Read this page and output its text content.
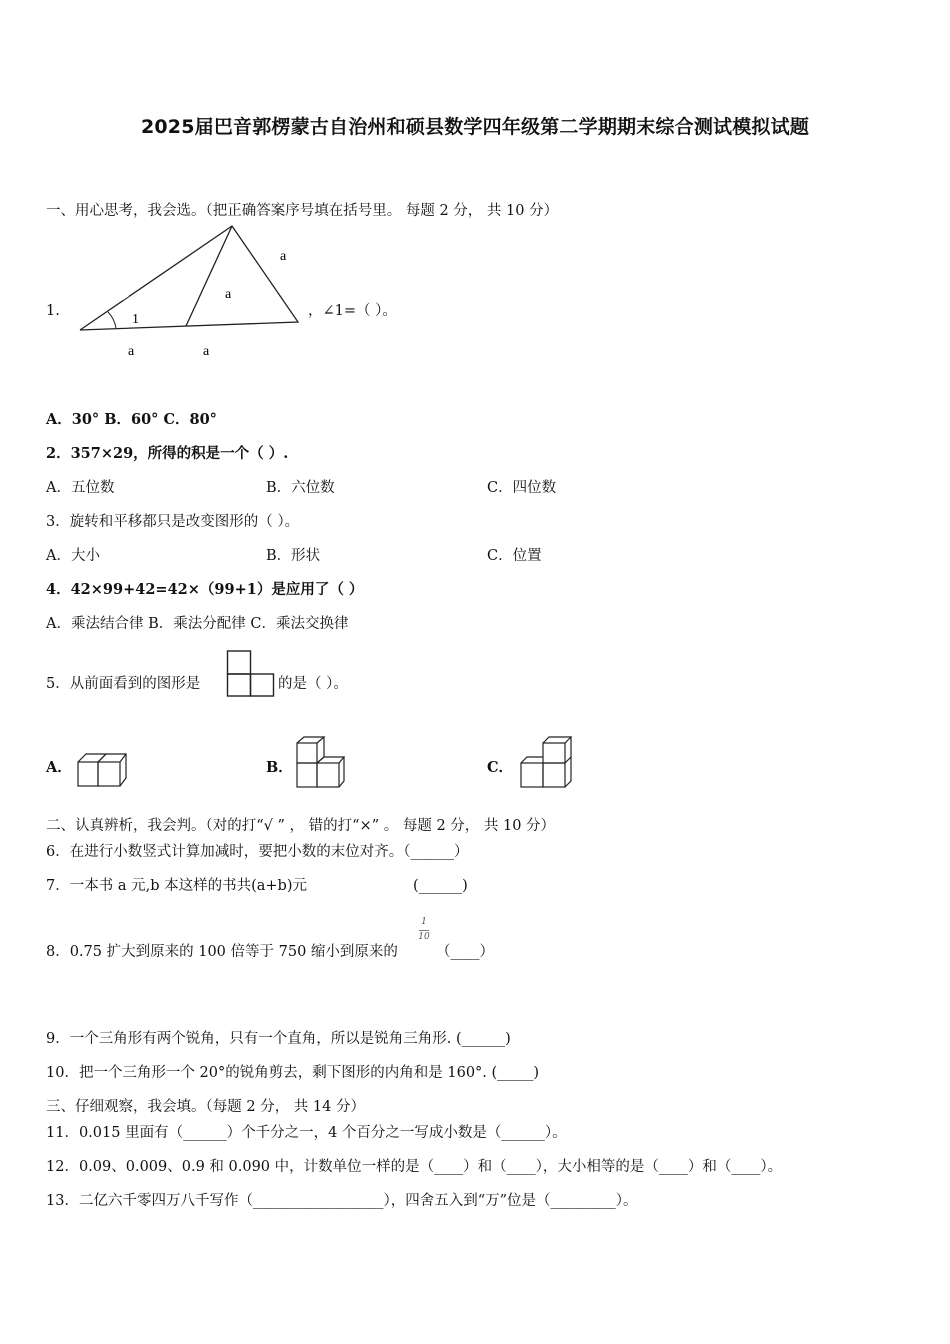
2025届巴音郭楞蒙古自治州和硕县数学四年级第二学期期末综合测试模拟试题
一、用心思考，我会选。（把正确答案序号填在括号里。 每题 2 分， 共 10 分）
1.
a
a
1
a	a
，∠1=（ ）。
A．30° B．60° C．80°
2．357×29，所得的积是一个（ ）.
A．五位数	B．六位数	C．四位数
3．旋转和平移都只是改变图形的（ ）。
A．大小	B．形状	C．位置
4．42×99+42=42×（99+1）是应用了（ ）
A．乘法结合律 B．乘法分配律 C．乘法交换律
5．从前面看到的图形是	的是（ ）。
A．	B．	C．
二、认真辨析，我会判。（对的打“√ ” ， 错的打“×” 。 每题 2 分， 共 10 分）
6．在进行小数竖式计算加减时，要把小数的末位对齐。（______）
7．一本书 a 元,b 本这样的书共(a+b)元	(______)
8．0.75 扩大到原来的 100 倍等于 750 缩小到原来的
1
10
（____）
9．一个三角形有两个锐角，只有一个直角，所以是锐角三角形. (______)
10．把一个三角形一个 20°的锐角剪去，剩下图形的内角和是 160°. (_____)
三、仔细观察，我会填。（每题 2 分， 共 14 分）
11．0.015 里面有（______）个千分之一，4 个百分之一写成小数是（______）。
12．0.09、0.009、0.9 和 0.090 中，计数单位一样的是（____）和（____），大小相等的是（____）和（____）。
13．二亿六千零四万八千写作（__________________），四舍五入到“万”位是（_________）。
